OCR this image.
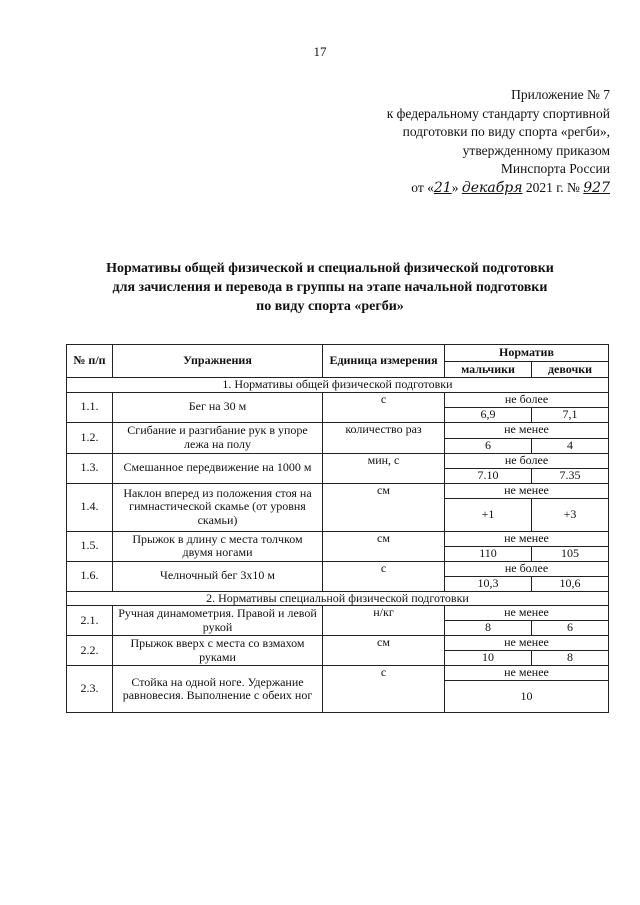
17
Приложение № 7
к федеральному стандарту спортивной
подготовки по виду спорта «регби»,
утвержденному приказом
Минспорта России
от «21» декабря 2021 г. № 927
Нормативы общей физической и специальной физической подготовки
для зачисления и перевода в группы на этапе начальной подготовки
по виду спорта «регби»
№ п/п	Упражнения	Единица измерения	Норматив	
			мальчики	девочки
1. Нормативы общей физической подготовки				
1.1.	Бег на 30 м	с	не более	
			6,9	7,1
1.2.	Сгибание и разгибание рук в упоре лежа на полу	количество раз	не менее	
			6	4
1.3.	Смешанное передвижение на 1000 м	мин, с	не более	
			7.10	7.35
1.4.	Наклон вперед из положения стоя на гимнастической скамье (от уровня скамьи)	см	не менее	
			+1	+3
1.5.	Прыжок в длину с места толчком двумя ногами	см	не менее	
			110	105
1.6.	Челночный бег 3х10 м	с	не более	
			10,3	10,6
2. Нормативы специальной физической подготовки				
2.1.	Ручная динамометрия. Правой и левой рукой	н/кг	не менее	
			8	6
2.2.	Прыжок вверх с места со взмахом руками	см	не менее	
			10	8
2.3.	Стойка на одной ноге. Удержание равновесия. Выполнение с обеих ног	с	не менее	
			10	
